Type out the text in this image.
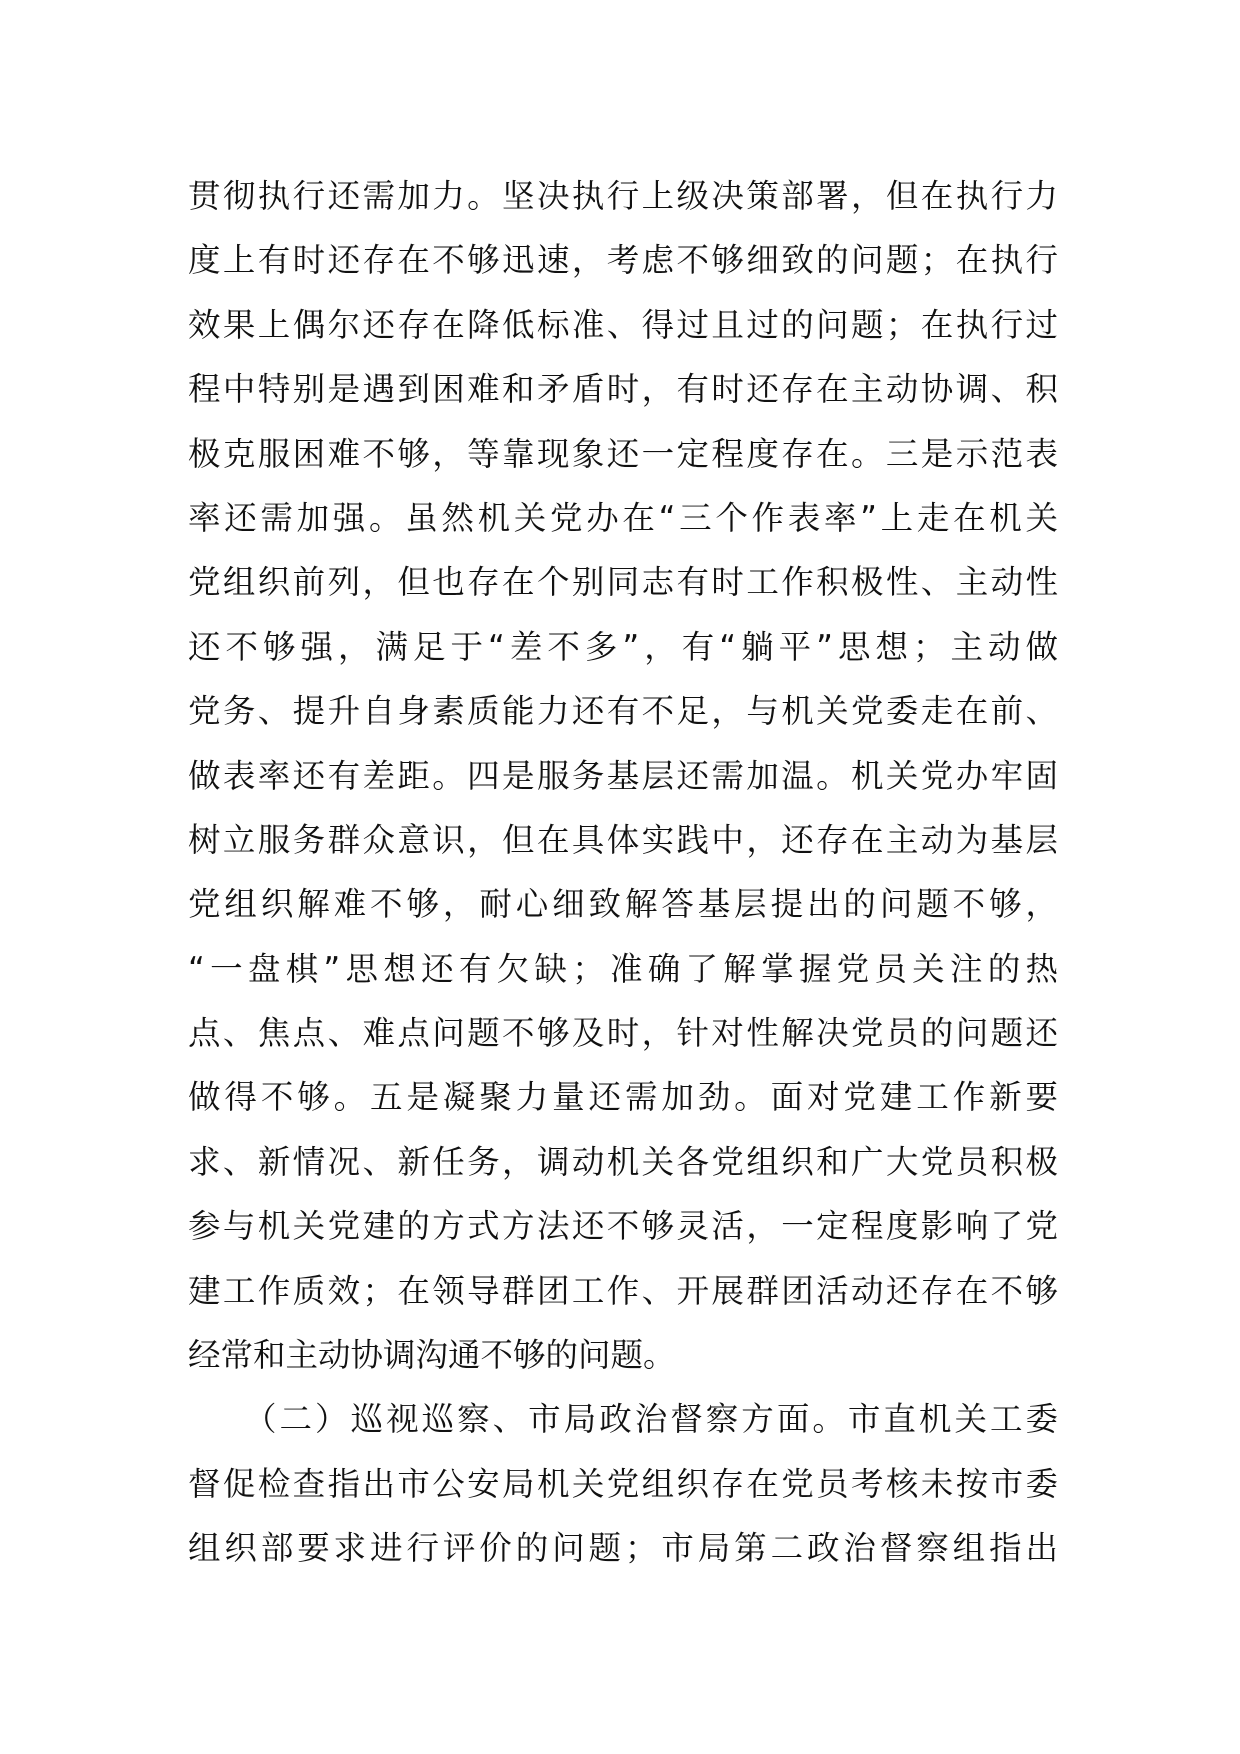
贯彻执行还需加力。坚决执行上级决策部署，但在执行力
度上有时还存在不够迅速，考虑不够细致的问题；在执行
效果上偶尔还存在降低标准、得过且过的问题；在执行过
程中特别是遇到困难和矛盾时，有时还存在主动协调、积
极克服困难不够，等靠现象还一定程度存在。三是示范表
率还需加强。虽然机关党办在“三个作表率”上走在机关
党组织前列，但也存在个别同志有时工作积极性、主动性
还不够强，满足于“差不多”，有“躺平”思想；主动做
党务、提升自身素质能力还有不足，与机关党委走在前、
做表率还有差距。四是服务基层还需加温。机关党办牢固
树立服务群众意识，但在具体实践中，还存在主动为基层
党组织解难不够，耐心细致解答基层提出的问题不够，
“一盘棋”思想还有欠缺；准确了解掌握党员关注的热
点、焦点、难点问题不够及时，针对性解决党员的问题还
做得不够。五是凝聚力量还需加劲。面对党建工作新要
求、新情况、新任务，调动机关各党组织和广大党员积极
参与机关党建的方式方法还不够灵活，一定程度影响了党
建工作质效；在领导群团工作、开展群团活动还存在不够
经常和主动协调沟通不够的问题。
（二）巡视巡察、市局政治督察方面。市直机关工委
督促检查指出市公安局机关党组织存在党员考核未按市委
组织部要求进行评价的问题；市局第二政治督察组指出
